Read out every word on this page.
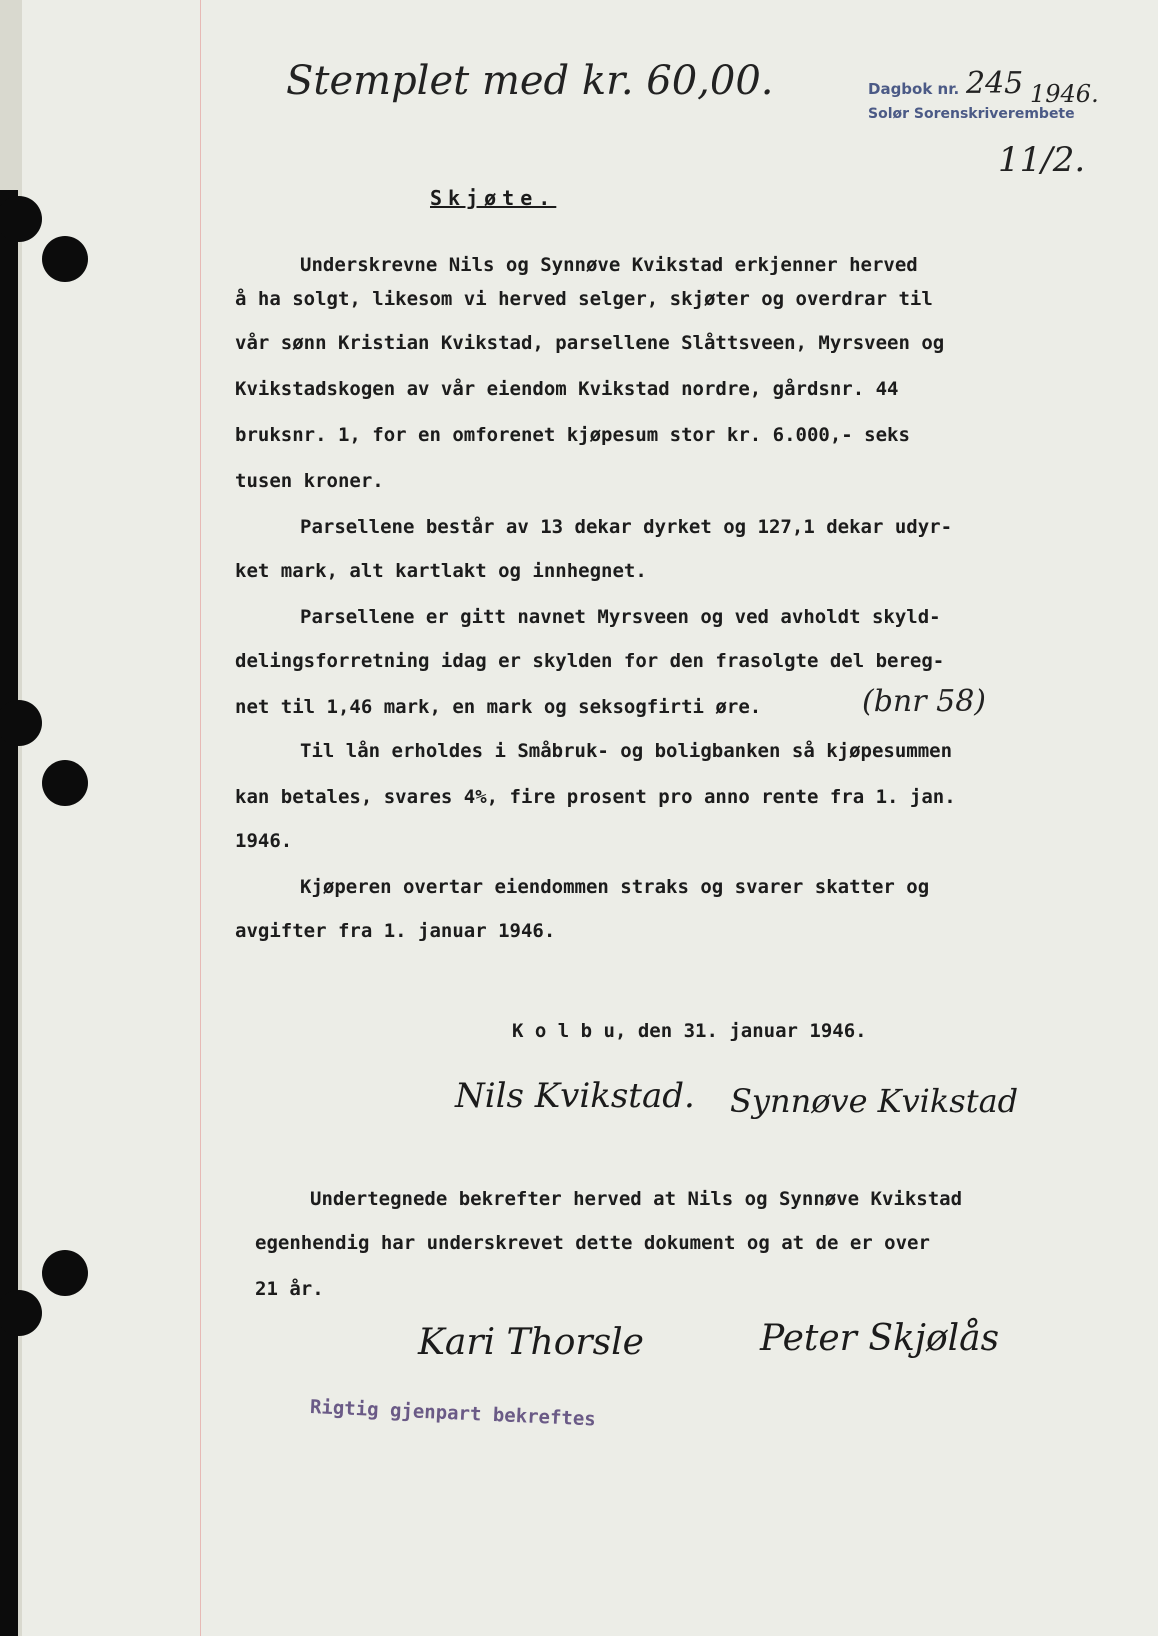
Stemplet med kr. 60,00.	Dagbok nr. 245 1946.
Solør Sorenskriverembete
11/2.
Skjøte.
Underskrevne Nils og Synnøve Kvikstad erkjenner herved
å ha solgt, likesom vi herved selger, skjøter og overdrar til
vår sønn Kristian Kvikstad, parsellene Slåttsveen, Myrsveen og
Kvikstadskogen av vår eiendom Kvikstad nordre, gårdsnr. 44
bruksnr. 1, for en omforenet kjøpesum stor kr. 6.000,- seks
tusen kroner.
Parsellene består av 13 dekar dyrket og 127,1 dekar udyr-
ket mark, alt kartlakt og innhegnet.
Parsellene er gitt navnet Myrsveen og ved avholdt skyld-
delingsforretning idag er skylden for den frasolgte del bereg-
net til 1,46 mark, en mark og seksogfirti øre.	(bnr 58)
Til lån erholdes i Småbruk- og boligbanken så kjøpesummen
kan betales, svares 4%, fire prosent pro anno rente fra 1. jan.
1946.
Kjøperen overtar eiendommen straks og svarer skatter og
avgifter fra 1. januar 1946.
K o l b u, den 31. januar 1946.
Nils Kvikstad. Synnøve Kvikstad
Undertegnede bekrefter herved at Nils og Synnøve Kvikstad
egenhendig har underskrevet dette dokument og at de er over
21 år.
Kari Thorsle	Peter Skjølås
Rigtig gjenpart bekreftes
